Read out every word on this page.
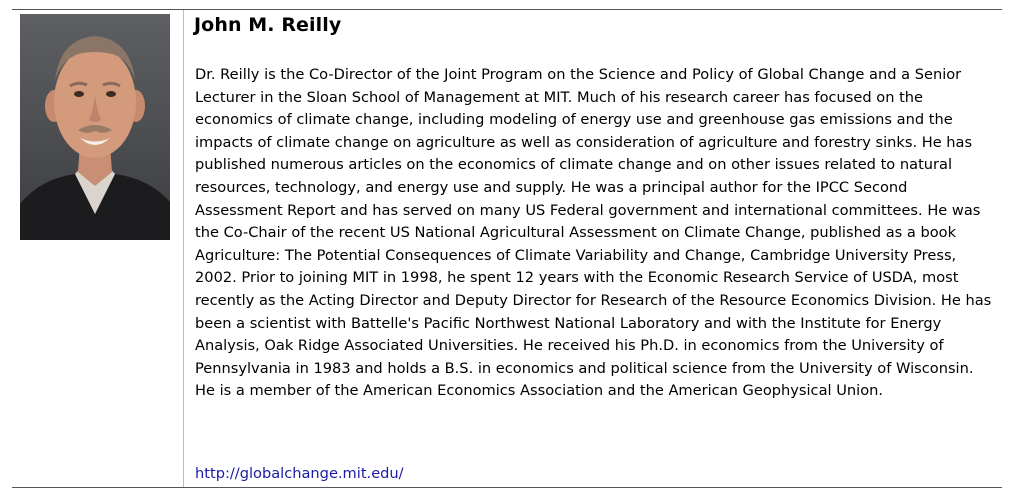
John M. Reilly

Dr. Reilly is the Co-Director of the Joint Program on the Science and Policy of Global Change and a Senior Lecturer in the Sloan School of Management at MIT. Much of his research career has focused on the economics of climate change, including modeling of energy use and greenhouse gas emissions and the impacts of climate change on agriculture as well as consideration of agriculture and forestry sinks. He has published numerous articles on the economics of climate change and on other issues related to natural resources, technology, and energy use and supply. He was a principal author for the IPCC Second Assessment Report and has served on many US Federal government and international committees. He was the Co-Chair of the recent US National Agricultural Assessment on Climate Change, published as a book Agriculture: The Potential Consequences of Climate Variability and Change, Cambridge University Press, 2002. Prior to joining MIT in 1998, he spent 12 years with the Economic Research Service of USDA, most recently as the Acting Director and Deputy Director for Research of the Resource Economics Division. He has been a scientist with Battelle's Pacific Northwest National Laboratory and with the Institute for Energy Analysis, Oak Ridge Associated Universities. He received his Ph.D. in economics from the University of Pennsylvania in 1983 and holds a B.S. in economics and political science from the University of Wisconsin. He is a member of the American Economics Association and the American Geophysical Union.

http://globalchange.mit.edu/
